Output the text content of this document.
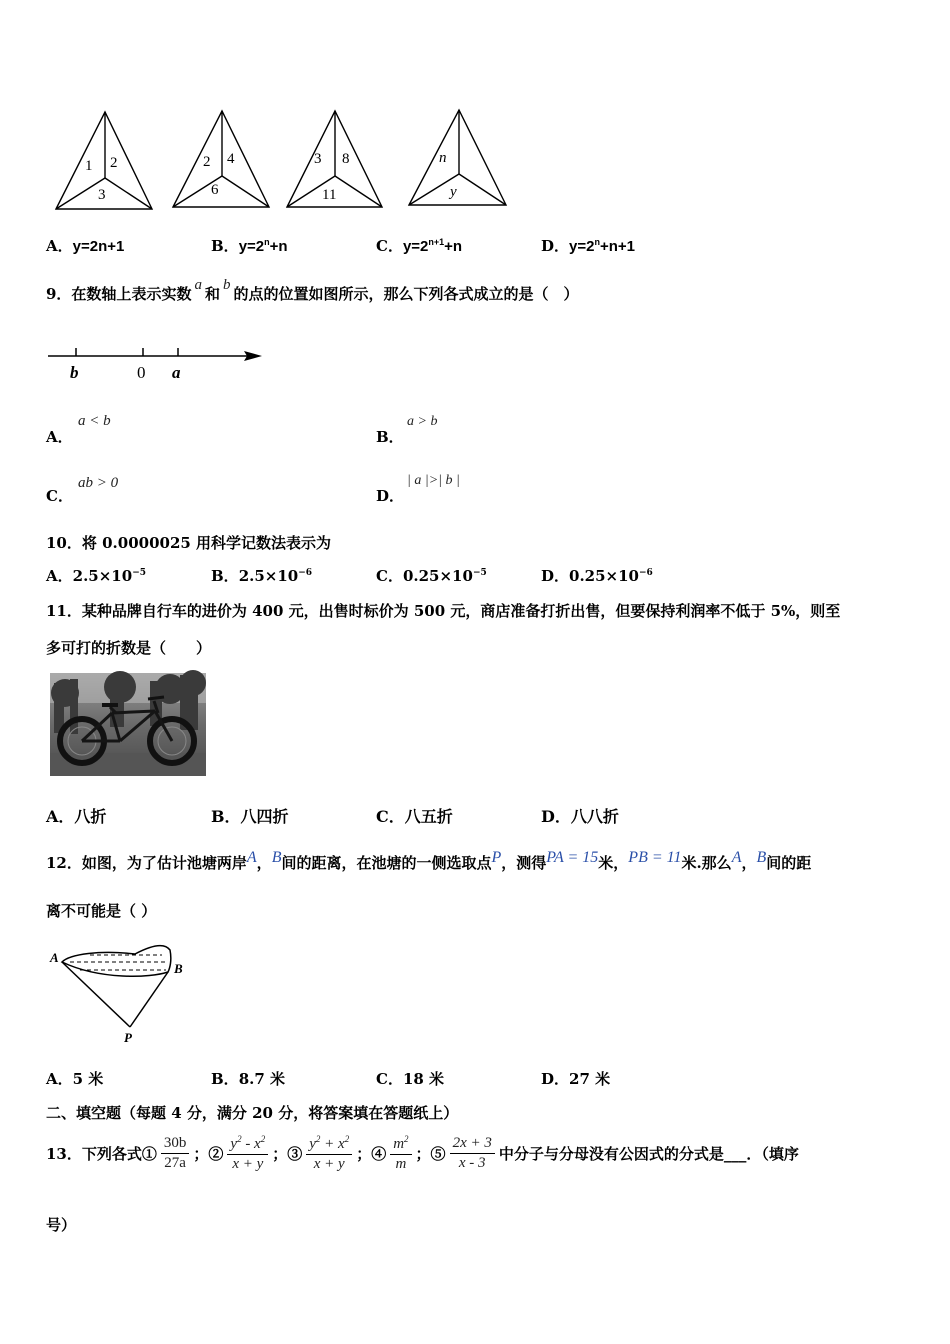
1 2
3
2 4
6
3 8
11
n
y
A．y=2n+1	B．$y=2^n+n$	C．$y=2^{n+1}+n$	D．$y=2^n+n+1$
9．在数轴上表示实数 a 和 b 的点的位置如图所示，那么下列各式成立的是（　）
b	0 a
A．
a < b
B．
a > b
C．
ab > 0
D．
| a |>| b |
10．将 0.0000025 用科学记数法表示为
A．$2.5\times 10^{-5}$	B．$2.5\times 10^{-6}$	C．$0.25\times 10^{-5}$	D．$0.25\times 10^{-6}$
11．某种品牌自行车的进价为 400 元，出售时标价为 500 元，商店准备打折出售，但要保持利润率不低于 5%，则至
多可打的折数是（　　）
A．八折	B．八四折	C．八五折	D．八八折
12．如图，为了估计池塘两岸A，B间的距离，在池塘的一侧选取点P，测得PA = 15米，PB = 11米.那么A，B间的距
离不可能是（ ）
A
B
P
A．5 米	B．8.7 米	C．18 米	D．27 米
二、填空题（每题 4 分，满分 20 分，将答案填在答题纸上）
13．下列各式① $\frac{30b}{27a}$ ；② $\frac{y^2 - x^2}{x + y}$ ；③ $\frac{y^2 + x^2}{x + y}$ ；④ $\frac{m^2}{m}$ ；⑤ $\frac{2x + 3}{x - 3}$ 中分子与分母没有公因式的分式是___．（填序
号）
